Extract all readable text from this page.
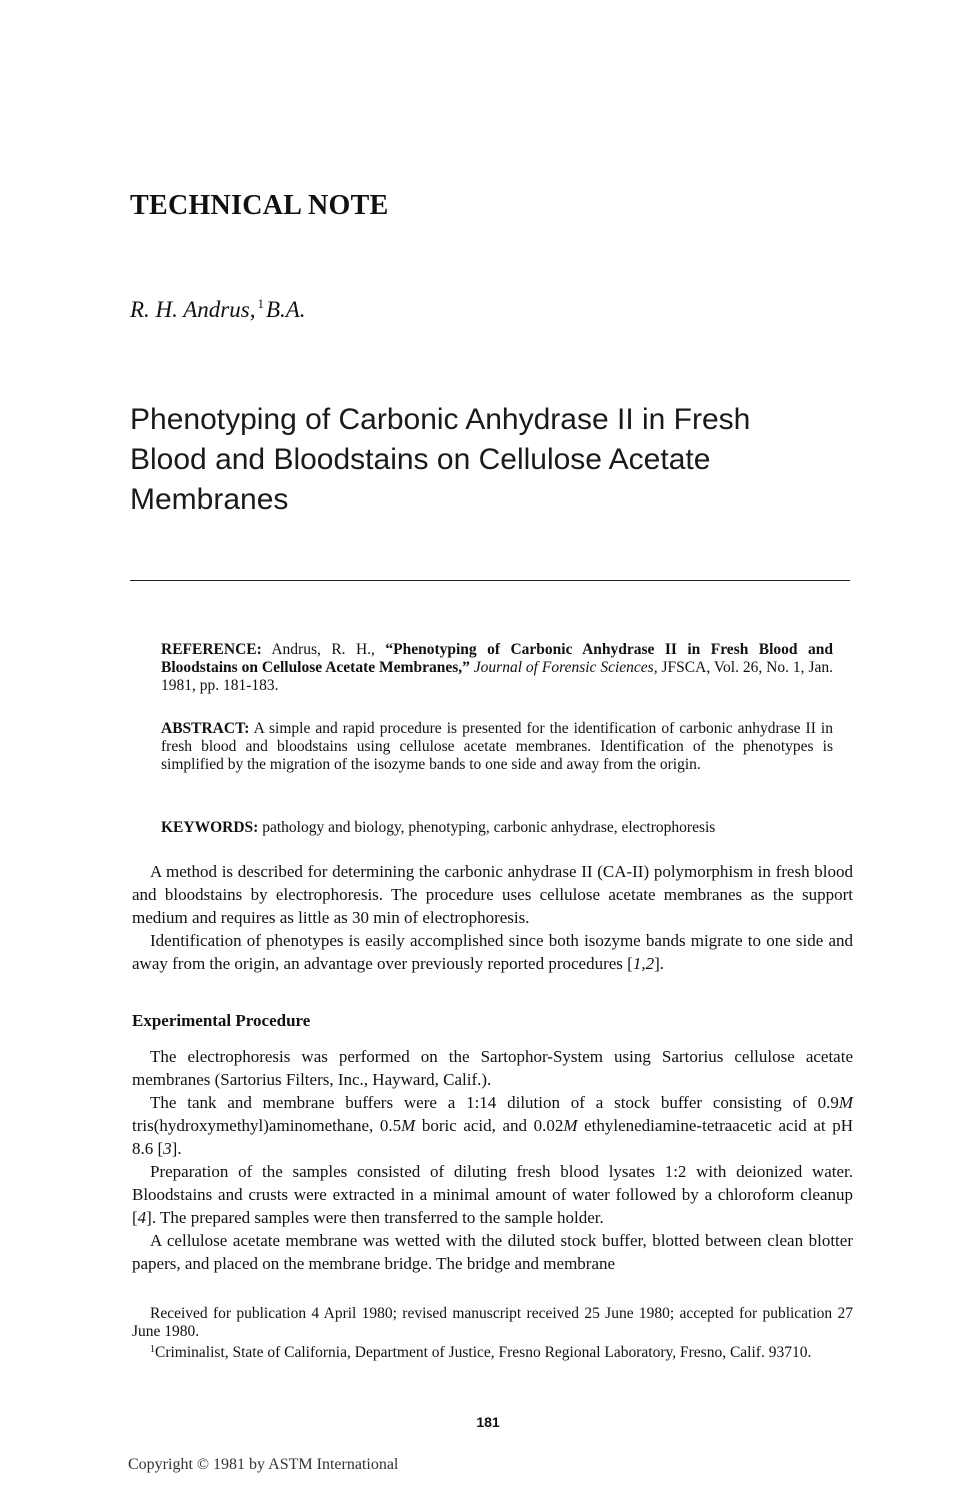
TECHNICAL NOTE
R. H. Andrus, $^1$B.A.
Phenotyping of Carbonic Anhydrase II in Fresh
Blood and Bloodstains on Cellulose Acetate
Membranes
REFERENCE: Andrus, R. H., “Phenotyping of Carbonic Anhydrase II in Fresh Blood and Bloodstains on Cellulose Acetate Membranes,” Journal of Forensic Sciences, JFSCA, Vol. 26, No. 1, Jan. 1981, pp. 181-183.
ABSTRACT: A simple and rapid procedure is presented for the identification of carbonic anhydrase II in fresh blood and bloodstains using cellulose acetate membranes. Identification of the phenotypes is simplified by the migration of the isozyme bands to one side and away from the origin.
KEYWORDS: pathology and biology, phenotyping, carbonic anhydrase, electrophoresis

A method is described for determining the carbonic anhydrase II (CA-II) polymorphism in fresh blood and bloodstains by electrophoresis. The procedure uses cellulose acetate membranes as the support medium and requires as little as 30 min of electrophoresis.

Identification of phenotypes is easily accomplished since both isozyme bands migrate to one side and away from the origin, an advantage over previously reported procedures [1,2].

Experimental Procedure

The electrophoresis was performed on the Sartophor-System using Sartorius cellulose acetate membranes (Sartorius Filters, Inc., Hayward, Calif.).

The tank and membrane buffers were a 1:14 dilution of a stock buffer consisting of 0.9M tris(hydroxymethyl)aminomethane, 0.5M boric acid, and 0.02M ethylenediamine-tetraacetic acid at pH 8.6 [3].

Preparation of the samples consisted of diluting fresh blood lysates 1:2 with deionized water. Bloodstains and crusts were extracted in a minimal amount of water followed by a chloroform cleanup [4]. The prepared samples were then transferred to the sample holder.

A cellulose acetate membrane was wetted with the diluted stock buffer, blotted between clean blotter papers, and placed on the membrane bridge. The bridge and membrane

Received for publication 4 April 1980; revised manuscript received 25 June 1980; accepted for publication 27 June 1980.

$^1$Criminalist, State of California, Department of Justice, Fresno Regional Laboratory, Fresno, Calif. 93710.

181
Copyright © 1981 by ASTM International
